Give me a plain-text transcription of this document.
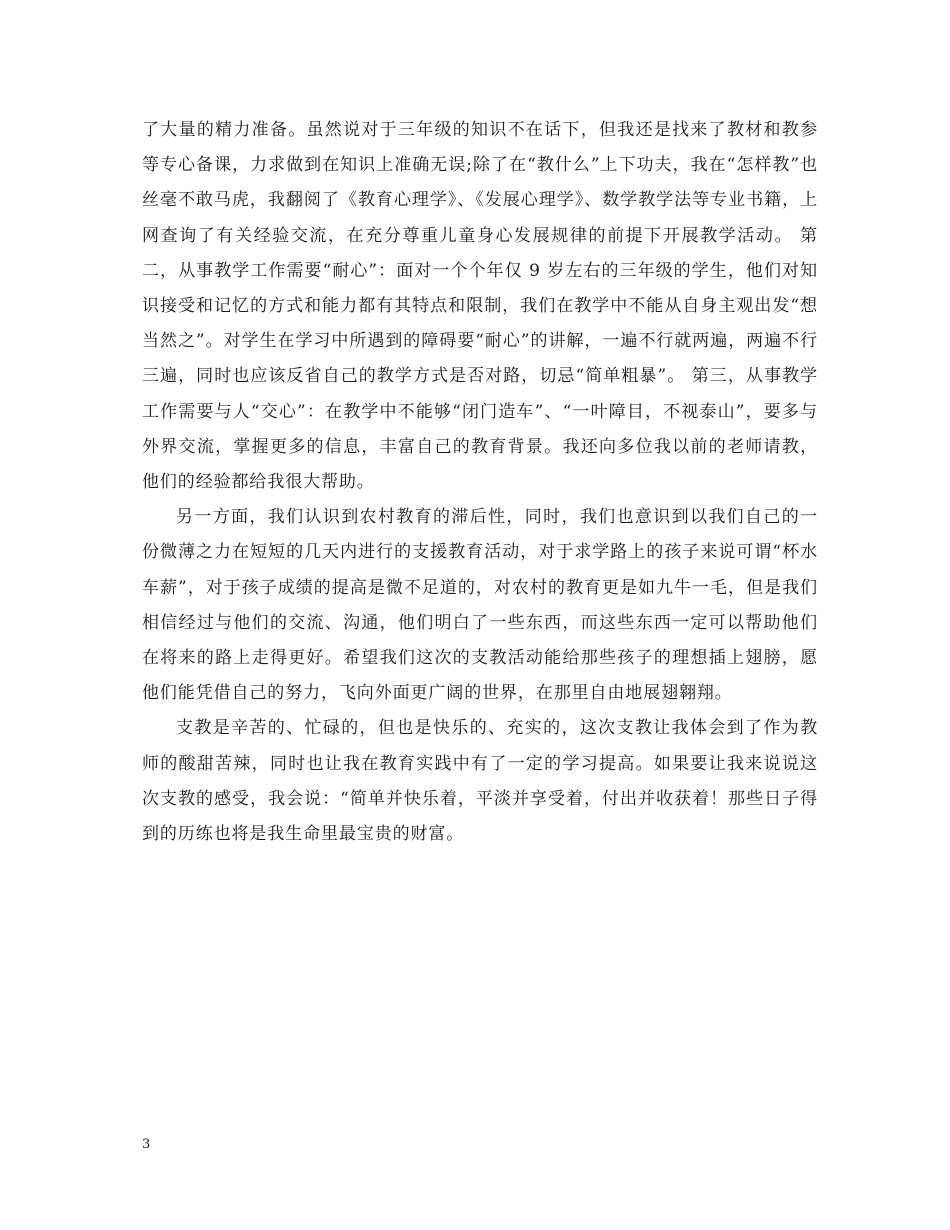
了大量的精力准备。虽然说对于三年级的知识不在话下，但我还是找来了教材和教参等专心备课，力求做到在知识上准确无误;除了在“教什么”上下功夫，我在“怎样教”也丝毫不敢马虎，我翻阅了《教育心理学》、《发展心理学》、数学教学法等专业书籍，上网查询了有关经验交流，在充分尊重儿童身心发展规律的前提下开展教学活动。 第二，从事教学工作需要“耐心”：面对一个个年仅 9 岁左右的三年级的学生，他们对知识接受和记忆的方式和能力都有其特点和限制，我们在教学中不能从自身主观出发“想当然之”。对学生在学习中所遇到的障碍要“耐心”的讲解，一遍不行就两遍，两遍不行三遍，同时也应该反省自己的教学方式是否对路，切忌“简单粗暴”。 第三，从事教学工作需要与人“交心”：在教学中不能够“闭门造车”、“一叶障目，不视泰山”，要多与外界交流，掌握更多的信息，丰富自己的教育背景。我还向多位我以前的老师请教，他们的经验都给我很大帮助。

另一方面，我们认识到农村教育的滞后性，同时，我们也意识到以我们自己的一份微薄之力在短短的几天内进行的支援教育活动，对于求学路上的孩子来说可谓“杯水车薪”，对于孩子成绩的提高是微不足道的，对农村的教育更是如九牛一毛，但是我们相信经过与他们的交流、沟通，他们明白了一些东西，而这些东西一定可以帮助他们在将来的路上走得更好。希望我们这次的支教活动能给那些孩子的理想插上翅膀，愿他们能凭借自己的努力，飞向外面更广阔的世界，在那里自由地展翅翱翔。

支教是辛苦的、忙碌的，但也是快乐的、充实的，这次支教让我体会到了作为教师的酸甜苦辣，同时也让我在教育实践中有了一定的学习提高。如果要让我来说说这次支教的感受，我会说：“简单并快乐着，平淡并享受着，付出并收获着！那些日子得到的历练也将是我生命里最宝贵的财富。

3
